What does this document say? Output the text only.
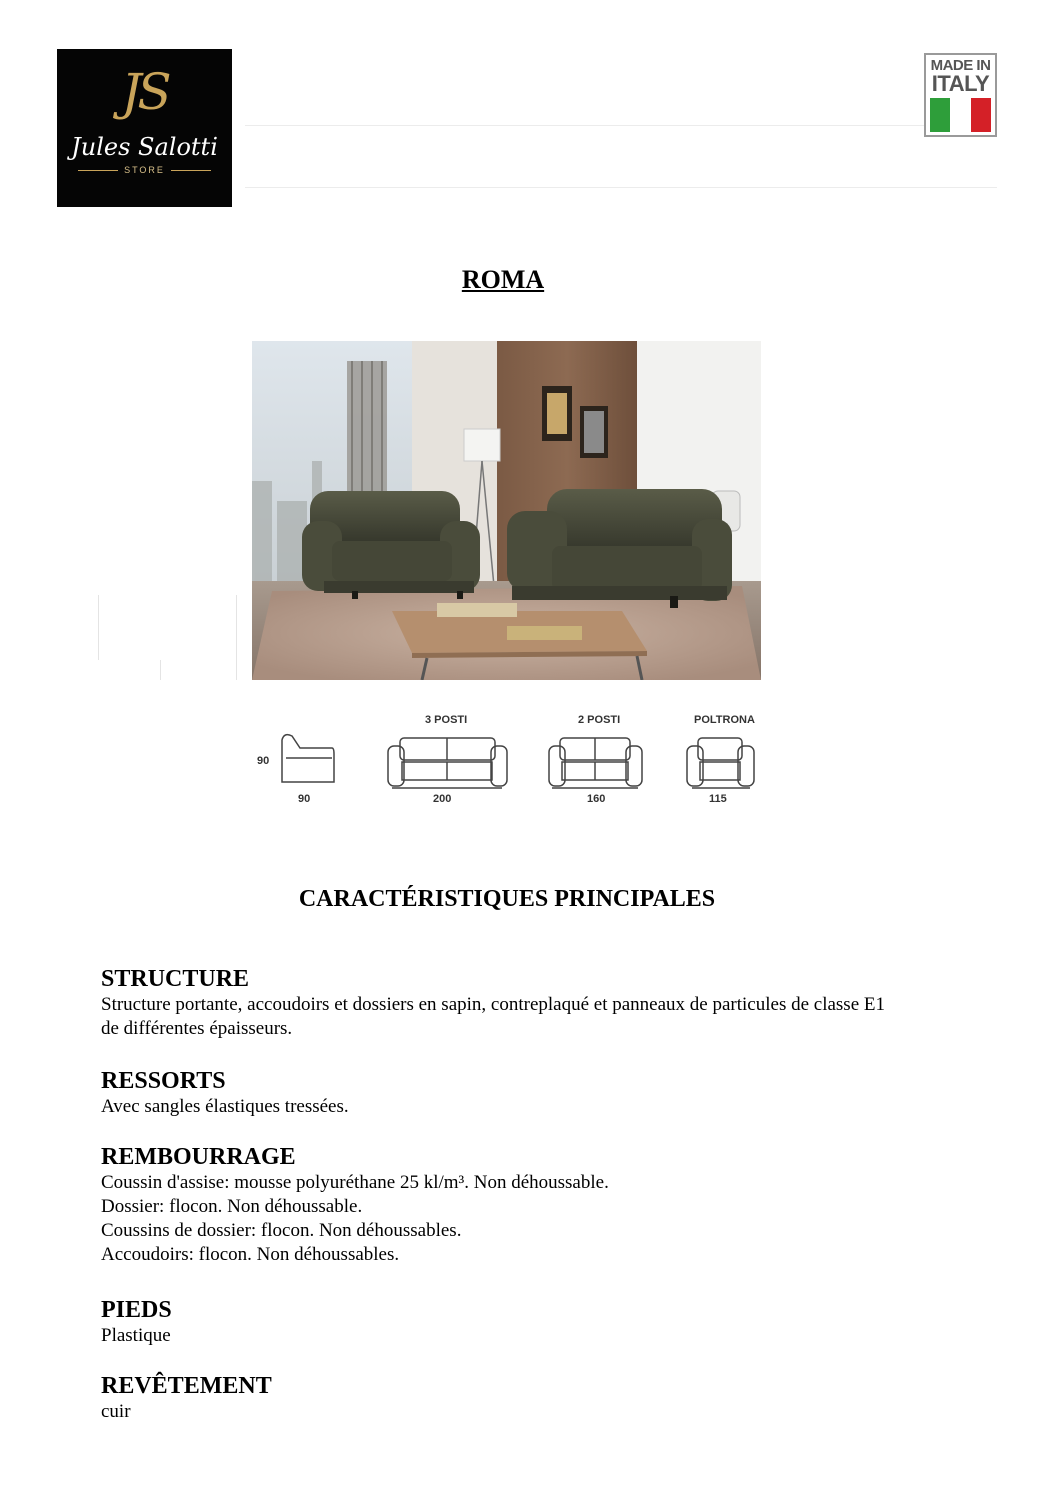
JS
Jules Salotti
STORE
MADE IN
ITALY
ROMA
90
90
3 POSTI
200
2 POSTI
160
POLTRONA
115
CARACTÉRISTIQUES PRINCIPALES
STRUCTURE
Structure portante, accoudoirs et dossiers en sapin, contreplaqué et panneaux de particules de classe E1
de différentes épaisseurs.
RESSORTS
Avec sangles élastiques tressées.
REMBOURRAGE
Coussin d'assise: mousse polyuréthane 25 kl/m³. Non déhoussable.
Dossier: flocon. Non déhoussable.
Coussins de dossier: flocon. Non déhoussables.
Accoudoirs: flocon. Non déhoussables.
PIEDS
Plastique
REVÊTEMENT
cuir
